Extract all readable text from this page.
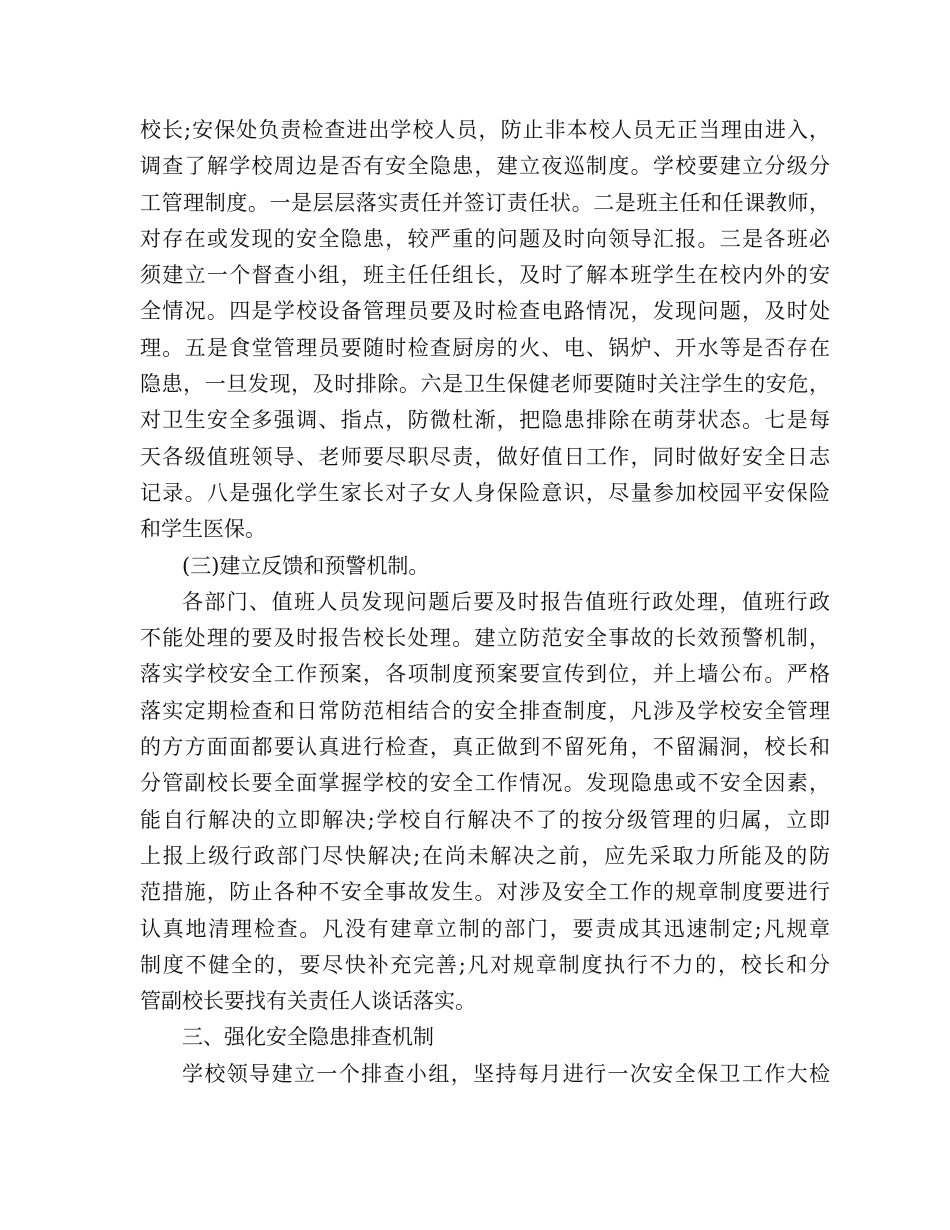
校长;安保处负责检查进出学校人员，防止非本校人员无正当理由进入，
调查了解学校周边是否有安全隐患，建立夜巡制度。学校要建立分级分
工管理制度。一是层层落实责任并签订责任状。二是班主任和任课教师，
对存在或发现的安全隐患，较严重的问题及时向领导汇报。三是各班必
须建立一个督查小组，班主任任组长，及时了解本班学生在校内外的安
全情况。四是学校设备管理员要及时检查电路情况，发现问题，及时处
理。五是食堂管理员要随时检查厨房的火、电、锅炉、开水等是否存在
隐患，一旦发现，及时排除。六是卫生保健老师要随时关注学生的安危，
对卫生安全多强调、指点，防微杜渐，把隐患排除在萌芽状态。七是每
天各级值班领导、老师要尽职尽责，做好值日工作，同时做好安全日志
记录。八是强化学生家长对子女人身保险意识，尽量参加校园平安保险
和学生医保。
(三)建立反馈和预警机制。
各部门、值班人员发现问题后要及时报告值班行政处理，值班行政
不能处理的要及时报告校长处理。建立防范安全事故的长效预警机制，
落实学校安全工作预案，各项制度预案要宣传到位，并上墙公布。严格
落实定期检查和日常防范相结合的安全排查制度，凡涉及学校安全管理
的方方面面都要认真进行检查，真正做到不留死角，不留漏洞，校长和
分管副校长要全面掌握学校的安全工作情况。发现隐患或不安全因素，
能自行解决的立即解决;学校自行解决不了的按分级管理的归属，立即
上报上级行政部门尽快解决;在尚未解决之前，应先采取力所能及的防
范措施，防止各种不安全事故发生。对涉及安全工作的规章制度要进行
认真地清理检查。凡没有建章立制的部门，要责成其迅速制定;凡规章
制度不健全的，要尽快补充完善;凡对规章制度执行不力的，校长和分
管副校长要找有关责任人谈话落实。
三、强化安全隐患排查机制
学校领导建立一个排查小组，坚持每月进行一次安全保卫工作大检
